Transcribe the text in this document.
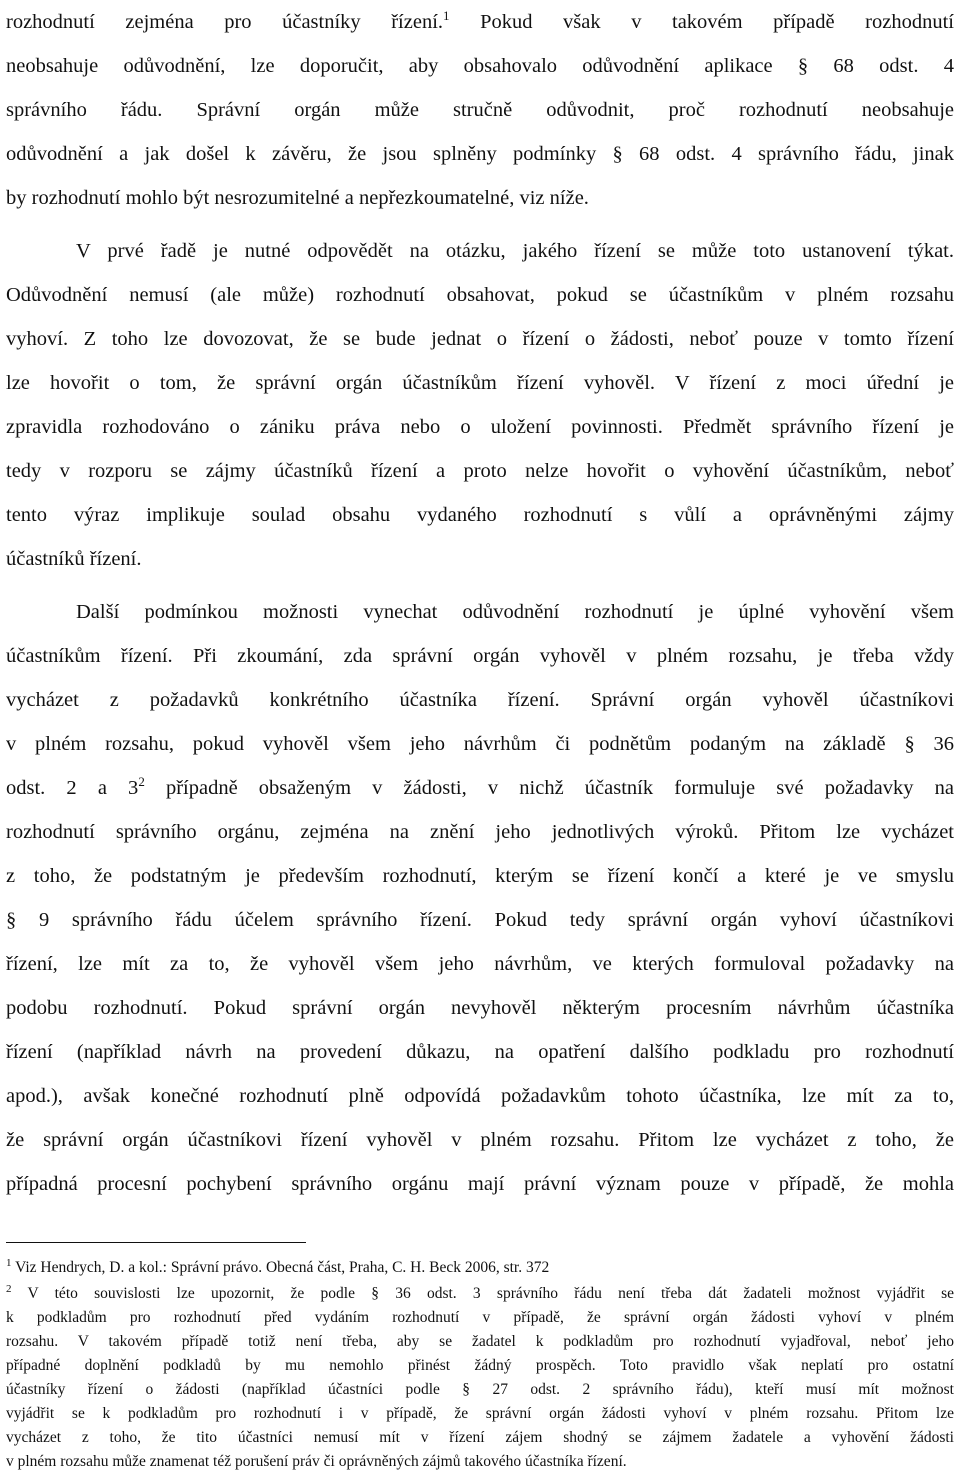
rozhodnutí zejména pro účastníky řízení.$^1$ Pokud však v takovém případě rozhodnutí
neobsahuje odůvodnění, lze doporučit, aby obsahovalo odůvodnění aplikace § 68 odst. 4
správního řádu. Správní orgán může stručně odůvodnit, proč rozhodnutí neobsahuje
odůvodnění a jak došel k závěru, že jsou splněny podmínky § 68 odst. 4 správního řádu, jinak
by rozhodnutí mohlo být nesrozumitelné a nepřezkoumatelné, viz níže.
V prvé řadě je nutné odpovědět na otázku, jakého řízení se může toto ustanovení týkat.
Odůvodnění nemusí (ale může) rozhodnutí obsahovat, pokud se účastníkům v plném rozsahu
vyhoví. Z toho lze dovozovat, že se bude jednat o řízení o žádosti, neboť pouze v tomto řízení
lze hovořit o tom, že správní orgán účastníkům řízení vyhověl. V řízení z moci úřední je
zpravidla rozhodováno o zániku práva nebo o uložení povinnosti. Předmět správního řízení je
tedy v rozporu se zájmy účastníků řízení a proto nelze hovořit o vyhovění účastníkům, neboť
tento výraz implikuje soulad obsahu vydaného rozhodnutí s vůlí a oprávněnými zájmy
účastníků řízení.
Další podmínkou možnosti vynechat odůvodnění rozhodnutí je úplné vyhovění všem
účastníkům řízení. Při zkoumání, zda správní orgán vyhověl v plném rozsahu, je třeba vždy
vycházet z požadavků konkrétního účastníka řízení. Správní orgán vyhověl účastníkovi
v plném rozsahu, pokud vyhověl všem jeho návrhům či podnětům podaným na základě § 36
odst. 2 a $3^2$ případně obsaženým v žádosti, v nichž účastník formuluje své požadavky na
rozhodnutí správního orgánu, zejména na znění jeho jednotlivých výroků. Přitom lze vycházet
z toho, že podstatným je především rozhodnutí, kterým se řízení končí a které je ve smyslu
§ 9 správního řádu účelem správního řízení. Pokud tedy správní orgán vyhoví účastníkovi
řízení, lze mít za to, že vyhověl všem jeho návrhům, ve kterých formuloval požadavky na
podobu rozhodnutí. Pokud správní orgán nevyhověl některým procesním návrhům účastníka
řízení (například návrh na provedení důkazu, na opatření dalšího podkladu pro rozhodnutí
apod.), avšak konečné rozhodnutí plně odpovídá požadavkům tohoto účastníka, lze mít za to,
že správní orgán účastníkovi řízení vyhověl v plném rozsahu. Přitom lze vycházet z toho, že
případná procesní pochybení správního orgánu mají právní význam pouze v případě, že mohla
$^1$ Viz Hendrych, D. a kol.: Správní právo. Obecná část, Praha, C. H. Beck 2006, str. 372
$^2$ V této souvislosti lze upozornit, že podle § 36 odst. 3 správního řádu není třeba dát žadateli možnost vyjádřit se
k podkladům pro rozhodnutí před vydáním rozhodnutí v případě, že správní orgán žádosti vyhoví v plném
rozsahu. V takovém případě totiž není třeba, aby se žadatel k podkladům pro rozhodnutí vyjadřoval, neboť jeho
případné doplnění podkladů by mu nemohlo přinést žádný prospěch. Toto pravidlo však neplatí pro ostatní
účastníky řízení o žádosti (například účastníci podle § 27 odst. 2 správního řádu), kteří musí mít možnost
vyjádřit se k podkladům pro rozhodnutí i v případě, že správní orgán žádosti vyhoví v plném rozsahu. Přitom lze
vycházet z toho, že tito účastníci nemusí mít v řízení zájem shodný se zájmem žadatele a vyhovění žádosti
v plném rozsahu může znamenat též porušení práv či oprávněných zájmů takového účastníka řízení.
